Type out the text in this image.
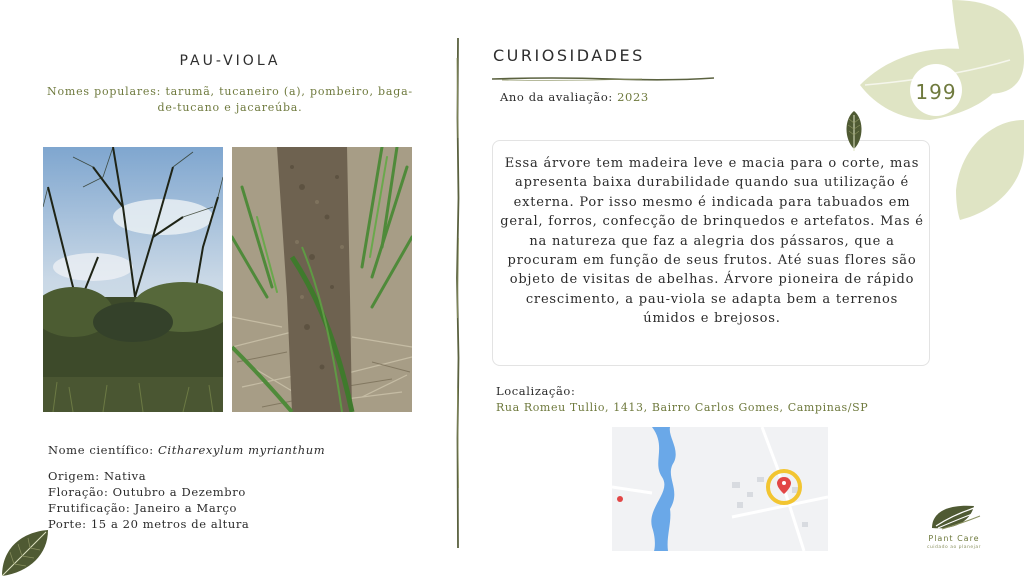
PAU-VIOLA
Nomes populares: tarumã, tucaneiro (a), pombeiro, baga-de-tucano e jacareúba.
Nome científico: Citharexylum myrianthum
Origem: Nativa
Floração: Outubro a Dezembro
Frutificação: Janeiro a Março
Porte: 15 a 20 metros de altura
CURIOSIDADES
Ano da avaliação: 2023
Essa árvore tem madeira leve e macia para o corte, mas apresenta baixa durabilidade quando sua utilização é externa. Por isso mesmo é indicada para tabuados em geral, forros, confecção de brinquedos e artefatos. Mas é na natureza que faz a alegria dos pássaros, que a procuram em função de seus frutos. Até suas flores são objeto de visitas de abelhas. Árvore pioneira de rápido crescimento, a pau-viola se adapta bem a terrenos úmidos e brejosos.
Localização:
Rua Romeu Tullio, 1413, Bairro Carlos Gomes, Campinas/SP
199
Plant Care
cuidado ao planejar
